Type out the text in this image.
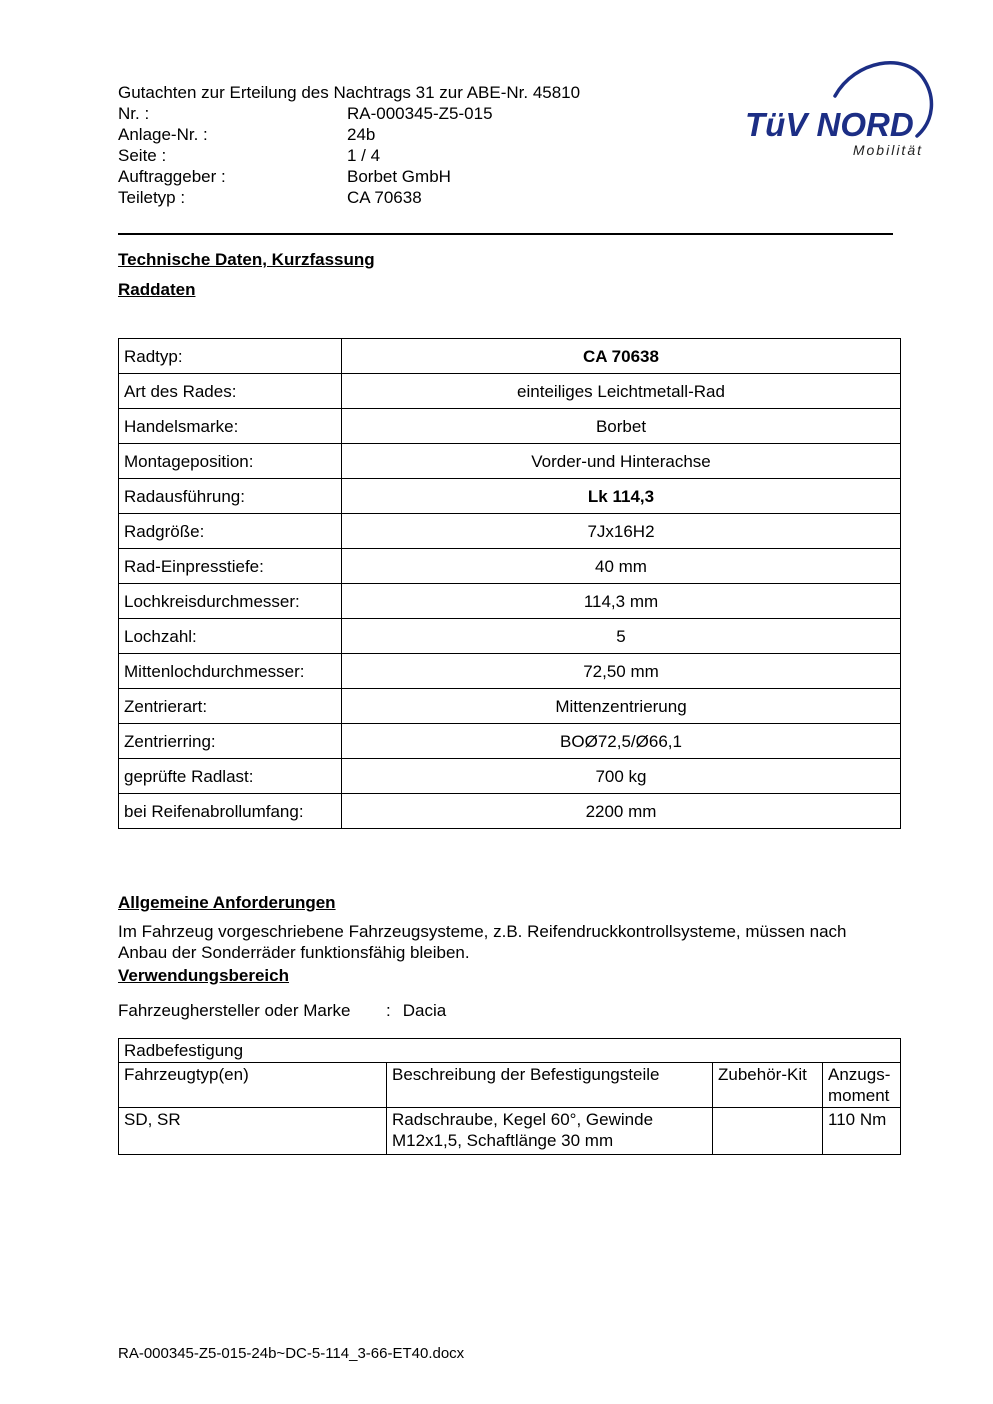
TüV NORD
Mobilität
Gutachten zur Erteilung des Nachtrags 31 zur ABE-Nr. 45810
Nr. :	RA-000345-Z5-015
Anlage-Nr. :	24b
Seite :	1 / 4
Auftraggeber :	Borbet GmbH
Teiletyp :	CA 70638
Technische Daten, Kurzfassung
Raddaten
Radtyp:	CA 70638
Art des Rades:	einteiliges Leichtmetall-Rad
Handelsmarke:	Borbet
Montageposition:	Vorder-und Hinterachse
Radausführung:	Lk 114,3
Radgröße:	7Jx16H2
Rad-Einpresstiefe:	40 mm
Lochkreisdurchmesser:	114,3 mm
Lochzahl:	5
Mittenlochdurchmesser:	72,50 mm
Zentrierart:	Mittenzentrierung
Zentrierring:	BOØ72,5/Ø66,1
geprüfte Radlast:	700 kg
bei Reifenabrollumfang:	2200 mm
Allgemeine Anforderungen

Im Fahrzeug vorgeschriebene Fahrzeugsysteme, z.B. Reifendruckkontrollsysteme, müssen nach Anbau der Sonderräder funktionsfähig bleiben.

Verwendungsbereich
Fahrzeughersteller oder Marke : Dacia
Radbefestigung			
Fahrzeugtyp(en)	Beschreibung der Befestigungsteile	Zubehör-Kit	Anzugs-moment
SD, SR	Radschraube, Kegel 60°, Gewinde M12x1,5, Schaftlänge 30 mm		110 Nm
RA-000345-Z5-015-24b~DC-5-114_3-66-ET40.docx
